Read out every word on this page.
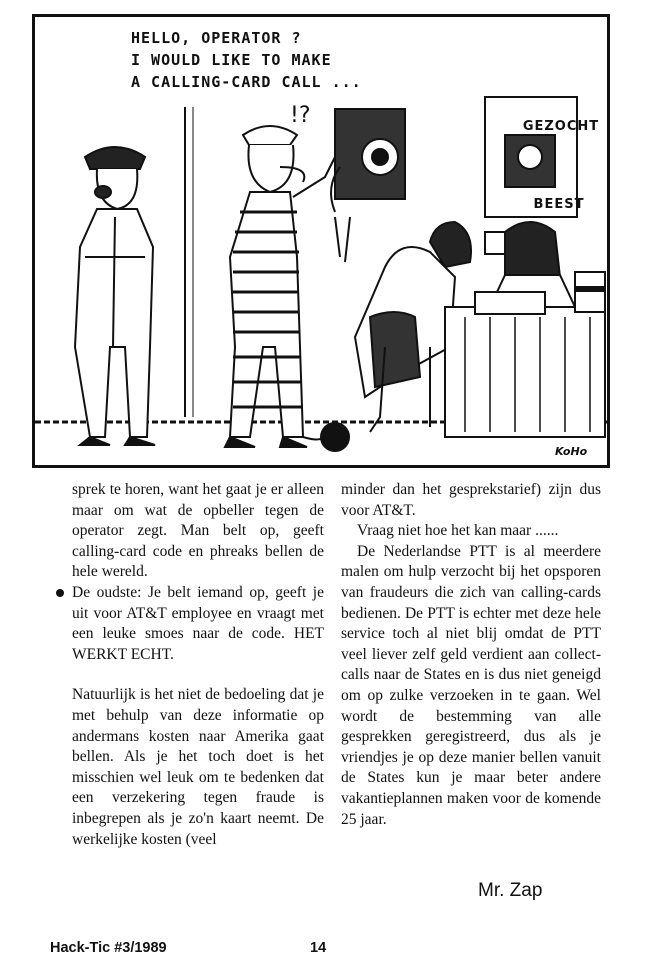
!?
HELLO, OPERATOR ?
I WOULD LIKE TO MAKE
A CALLING-CARD CALL ...
GEZOCHT
BEEST
KoHo

sprek te horen, want het gaat je er alleen maar om wat de opbeller tegen de operator zegt. Man belt op, geeft calling-card code en phreaks bellen de hele wereld.

De oudste: Je belt iemand op, geeft je uit voor AT&T employee en vraagt met een leuke smoes naar de code. HET WERKT ECHT.

Natuurlijk is het niet de bedoeling dat je met behulp van deze informatie op andermans kosten naar Amerika gaat bellen. Als je het toch doet is het misschien wel leuk om te bedenken dat een verzekering tegen fraude is inbegrepen als je zo'n kaart neemt. De werkelijke kosten (veel

minder dan het gesprekstarief) zijn dus voor AT&T.

Vraag niet hoe het kan maar ......

De Nederlandse PTT is al meerdere malen om hulp verzocht bij het opsporen van fraudeurs die zich van calling-cards bedienen. De PTT is echter met deze hele service toch al niet blij omdat de PTT veel liever zelf geld verdient aan collect-calls naar de States en is dus niet geneigd om op zulke verzoeken in te gaan. Wel wordt de bestemming van alle gesprekken geregistreerd, dus als je vriendjes je op deze manier bellen vanuit de States kun je maar beter andere vakantieplannen maken voor de komende 25 jaar.

Mr. Zap
Hack-Tic #3/1989	14
